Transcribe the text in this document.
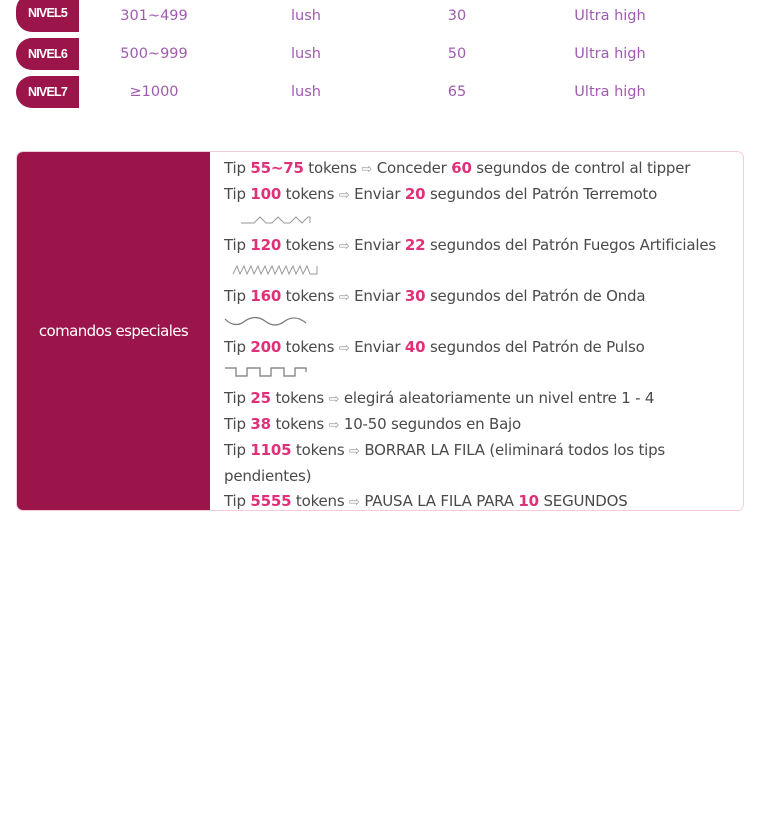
NIVEL5	301~499	lush	30	Ultra high
NIVEL6	500~999	lush	50	Ultra high
NIVEL7	≥1000	lush	65	Ultra high
comandos especiales
Tip 55~75 tokens ⇨ Conceder 60 segundos de control al tipper
Tip 100 tokens ⇨ Enviar 20 segundos del Patrón Terremoto
Tip 120 tokens ⇨ Enviar 22 segundos del Patrón Fuegos Artificiales
Tip 160 tokens ⇨ Enviar 30 segundos del Patrón de Onda
Tip 200 tokens ⇨ Enviar 40 segundos del Patrón de Pulso
Tip 25 tokens ⇨ elegirá aleatoriamente un nivel entre 1 - 4
Tip 38 tokens ⇨ 10-50 segundos en Bajo
Tip 1105 tokens ⇨ BORRAR LA FILA (eliminará todos los tips pendientes)
Tip 5555 tokens ⇨ PAUSA LA FILA PARA 10 SEGUNDOS
